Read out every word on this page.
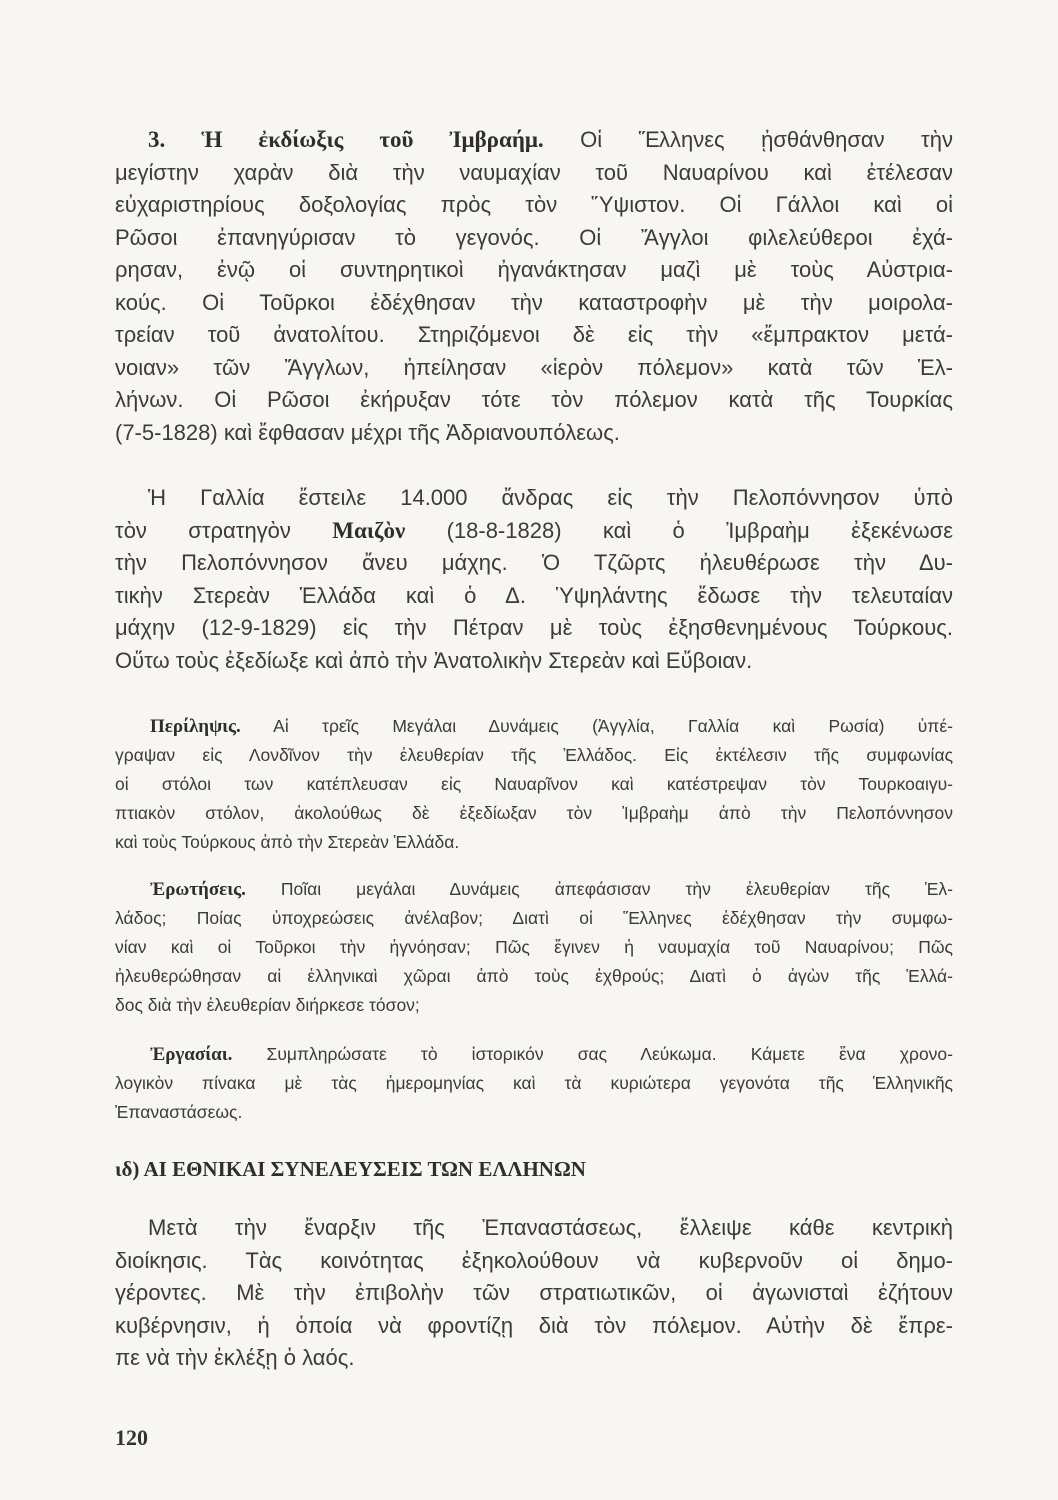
3. Ἡ ἐκδίωξις τοῦ Ἰμβραήμ. Οἱ Ἕλληνες ᾐσθάνθησαν τὴν
μεγίστην χαρὰν διὰ τὴν ναυμαχίαν τοῦ Ναυαρίνου καὶ ἐτέλεσαν
εὐχαριστηρίους δοξολογίας πρὸς τὸν Ὕψιστον. Οἱ Γάλλοι καὶ οἱ
Ρῶσοι ἐπανηγύρισαν τὸ γεγονός. Οἱ Ἄγγλοι φιλελεύθεροι ἐχά-
ρησαν, ἐνῷ οἱ συντηρητικοὶ ἠγανάκτησαν μαζὶ μὲ τοὺς Αὐστρια-
κούς. Οἱ Τοῦρκοι ἐδέχθησαν τὴν καταστροφὴν μὲ τὴν μοιρολα-
τρείαν τοῦ ἀνατολίτου. Στηριζόμενοι δὲ εἰς τὴν «ἔμπρακτον μετά-
νοιαν» τῶν Ἄγγλων, ἠπείλησαν «ἱερὸν πόλεμον» κατὰ τῶν Ἑλ-
λήνων. Οἱ Ρῶσοι ἐκήρυξαν τότε τὸν πόλεμον κατὰ τῆς Τουρκίας
(7-5-1828) καὶ ἔφθασαν μέχρι τῆς Ἀδριανουπόλεως.
Ἡ Γαλλία ἔστειλε 14.000 ἄνδρας εἰς τὴν Πελοπόννησον ὑπὸ
τὸν στρατηγὸν Μαιζὸν (18-8-1828) καὶ ὁ Ἰμβραὴμ ἐξεκένωσε
τὴν Πελοπόννησον ἄνευ μάχης. Ὁ Τζῶρτς ἠλευθέρωσε τὴν Δυ-
τικὴν Στερεὰν Ἑλλάδα καὶ ὁ Δ. Ὑψηλάντης ἔδωσε τὴν τελευταίαν
μάχην (12-9-1829) εἰς τὴν Πέτραν μὲ τοὺς ἐξησθενημένους Τούρκους.
Οὕτω τοὺς ἐξεδίωξε καὶ ἀπὸ τὴν Ἀνατολικὴν Στερεὰν καὶ Εὔβοιαν.
Περίληψις. Αἱ τρεῖς Μεγάλαι Δυνάμεις (Ἀγγλία, Γαλλία καὶ Ρωσία) ὑπέ-
γραψαν εἰς Λονδῖνον τὴν ἐλευθερίαν τῆς Ἑλλάδος. Εἰς ἐκτέλεσιν τῆς συμφωνίας
οἱ στόλοι των κατέπλευσαν εἰς Ναυαρῖνον καὶ κατέστρεψαν τὸν Τουρκοαιγυ-
πτιακὸν στόλον, ἀκολούθως δὲ ἐξεδίωξαν τὸν Ἰμβραὴμ ἀπὸ τὴν Πελοπόννησον
καὶ τοὺς Τούρκους ἀπὸ τὴν Στερεὰν Ἑλλάδα.
Ἐρωτήσεις. Ποῖαι μεγάλαι Δυνάμεις ἀπεφάσισαν τὴν ἐλευθερίαν τῆς Ἑλ-
λάδος; Ποίας ὑποχρεώσεις ἀνέλαβον; Διατὶ οἱ Ἕλληνες ἐδέχθησαν τὴν συμφω-
νίαν καὶ οἱ Τοῦρκοι τὴν ἠγνόησαν; Πῶς ἔγινεν ἡ ναυμαχία τοῦ Ναυαρίνου; Πῶς
ἠλευθερώθησαν αἱ ἑλληνικαὶ χῶραι ἀπὸ τοὺς ἐχθρούς; Διατὶ ὁ ἀγὼν τῆς Ἑλλά-
δος διὰ τὴν ἐλευθερίαν διήρκεσε τόσον;
Ἐργασίαι. Συμπληρώσατε τὸ ἱστορικόν σας Λεύκωμα. Κάμετε ἕνα χρονο-
λογικὸν πίνακα μὲ τὰς ἡμερομηνίας καὶ τὰ κυριώτερα γεγονότα τῆς Ἑλληνικῆς
Ἐπαναστάσεως.
ιδ) ΑΙ ΕΘΝΙΚΑΙ ΣΥΝΕΛΕΥΣΕΙΣ ΤΩΝ ΕΛΛΗΝΩΝ
Μετὰ τὴν ἔναρξιν τῆς Ἐπαναστάσεως, ἔλλειψε κάθε κεντρικὴ
διοίκησις. Τὰς κοινότητας ἐξηκολούθουν νὰ κυβερνοῦν οἱ δημο-
γέροντες. Μὲ τὴν ἐπιβολὴν τῶν στρατιωτικῶν, οἱ ἀγωνισταὶ ἐζήτουν
κυβέρνησιν, ἡ ὁποία νὰ φροντίζῃ διὰ τὸν πόλεμον. Αὐτὴν δὲ ἔπρε-
πε νὰ τὴν ἐκλέξῃ ὁ λαός.
120
